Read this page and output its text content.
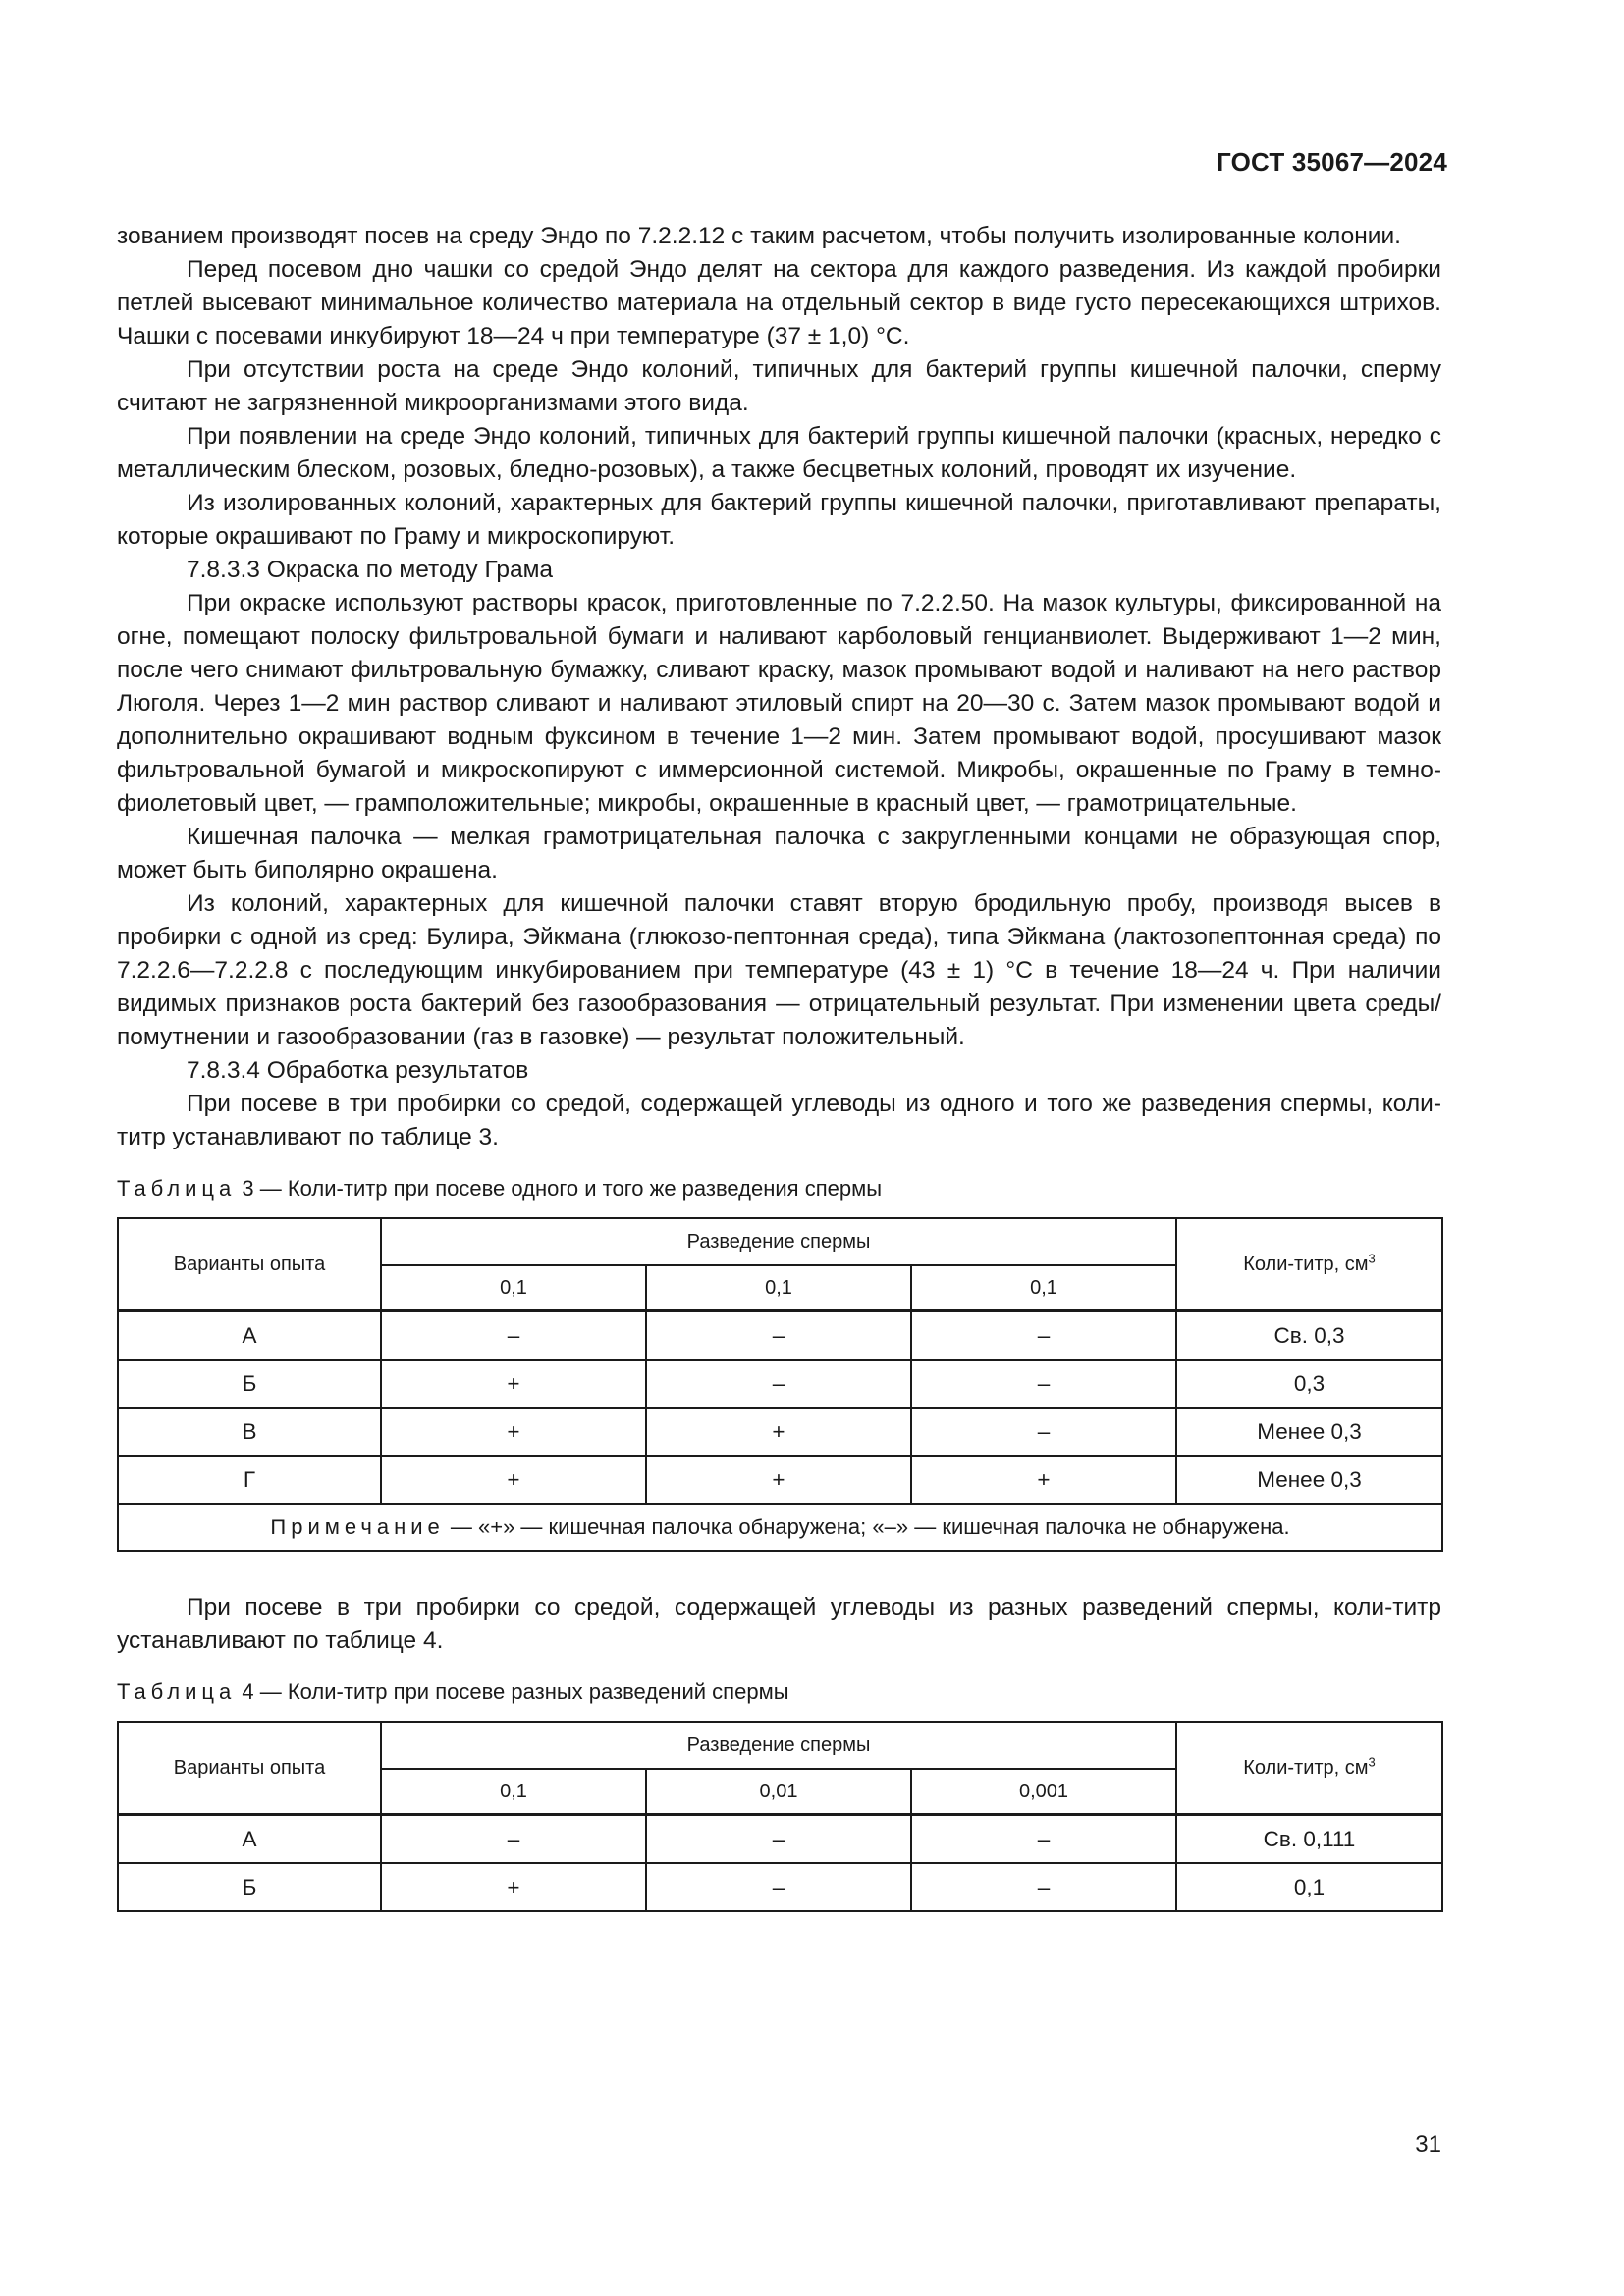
ГОСТ 35067—2024

зованием производят посев на среду Эндо по 7.2.2.12 с таким расчетом, чтобы получить изолированные колонии.

Перед посевом дно чашки со средой Эндо делят на сектора для каждого разведения. Из каждой пробирки петлей высевают минимальное количество материала на отдельный сектор в виде густо пересекающихся штрихов. Чашки с посевами инкубируют 18—24 ч при температуре (37 ± 1,0) °С.

При отсутствии роста на среде Эндо колоний, типичных для бактерий группы кишечной палочки, сперму считают не загрязненной микроорганизмами этого вида.

При появлении на среде Эндо колоний, типичных для бактерий группы кишечной палочки (красных, нередко с металлическим блеском, розовых, бледно-розовых), а также бесцветных колоний, проводят их изучение.

Из изолированных колоний, характерных для бактерий группы кишечной палочки, приготавливают препараты, которые окрашивают по Граму и микроскопируют.

7.8.3.3 Окраска по методу Грама

При окраске используют растворы красок, приготовленные по 7.2.2.50. На мазок культуры, фиксированной на огне, помещают полоску фильтровальной бумаги и наливают карболовый генцианвиолет. Выдерживают 1—2 мин, после чего снимают фильтровальную бумажку, сливают краску, мазок промывают водой и наливают на него раствор Люголя. Через 1—2 мин раствор сливают и наливают этиловый спирт на 20—30 с. Затем мазок промывают водой и дополнительно окрашивают водным фуксином в течение 1—2 мин. Затем промывают водой, просушивают мазок фильтровальной бумагой и микроскопируют с иммерсионной системой. Микробы, окрашенные по Граму в темно-фиолетовый цвет, — грамположительные; микробы, окрашенные в красный цвет, — грамотрицательные.

Кишечная палочка — мелкая грамотрицательная палочка с закругленными концами не образующая спор, может быть биполярно окрашена.

Из колоний, характерных для кишечной палочки ставят вторую бродильную пробу, производя высев в пробирки с одной из сред: Булира, Эйкмана (глюкозо-пептонная среда), типа Эйкмана (лактозопептонная среда) по 7.2.2.6—7.2.2.8 с последующим инкубированием при температуре (43 ± 1) °С в течение 18—24 ч. При наличии видимых признаков роста бактерий без газообразования — отрицательный результат. При изменении цвета среды/помутнении и газообразовании (газ в газовке) — результат положительный.

7.8.3.4 Обработка результатов

При посеве в три пробирки со средой, содержащей углеводы из одного и того же разведения спермы, коли-титр устанавливают по таблице 3.

Таблица 3 — Коли-титр при посеве одного и того же разведения спермы
Варианты опыта	Разведение спермы			Коли-титр, $см^3$
	0,1	0,1	0,1	
А	–	–	–	Св. 0,3
Б	+	–	–	0,3
В	+	+	–	Менее 0,3
Г	+	+	+	Менее 0,3
Примечание — «+» — кишечная палочка обнаружена; «–» — кишечная палочка не обнаружена.				

При посеве в три пробирки со средой, содержащей углеводы из разных разведений спермы, коли-титр устанавливают по таблице 4.

Таблица 4 — Коли-титр при посеве разных разведений спермы
Варианты опыта	Разведение спермы			Коли-титр, $см^3$
	0,1	0,01	0,001	
А	–	–	–	Св. 0,111
Б	+	–	–	0,1
31
